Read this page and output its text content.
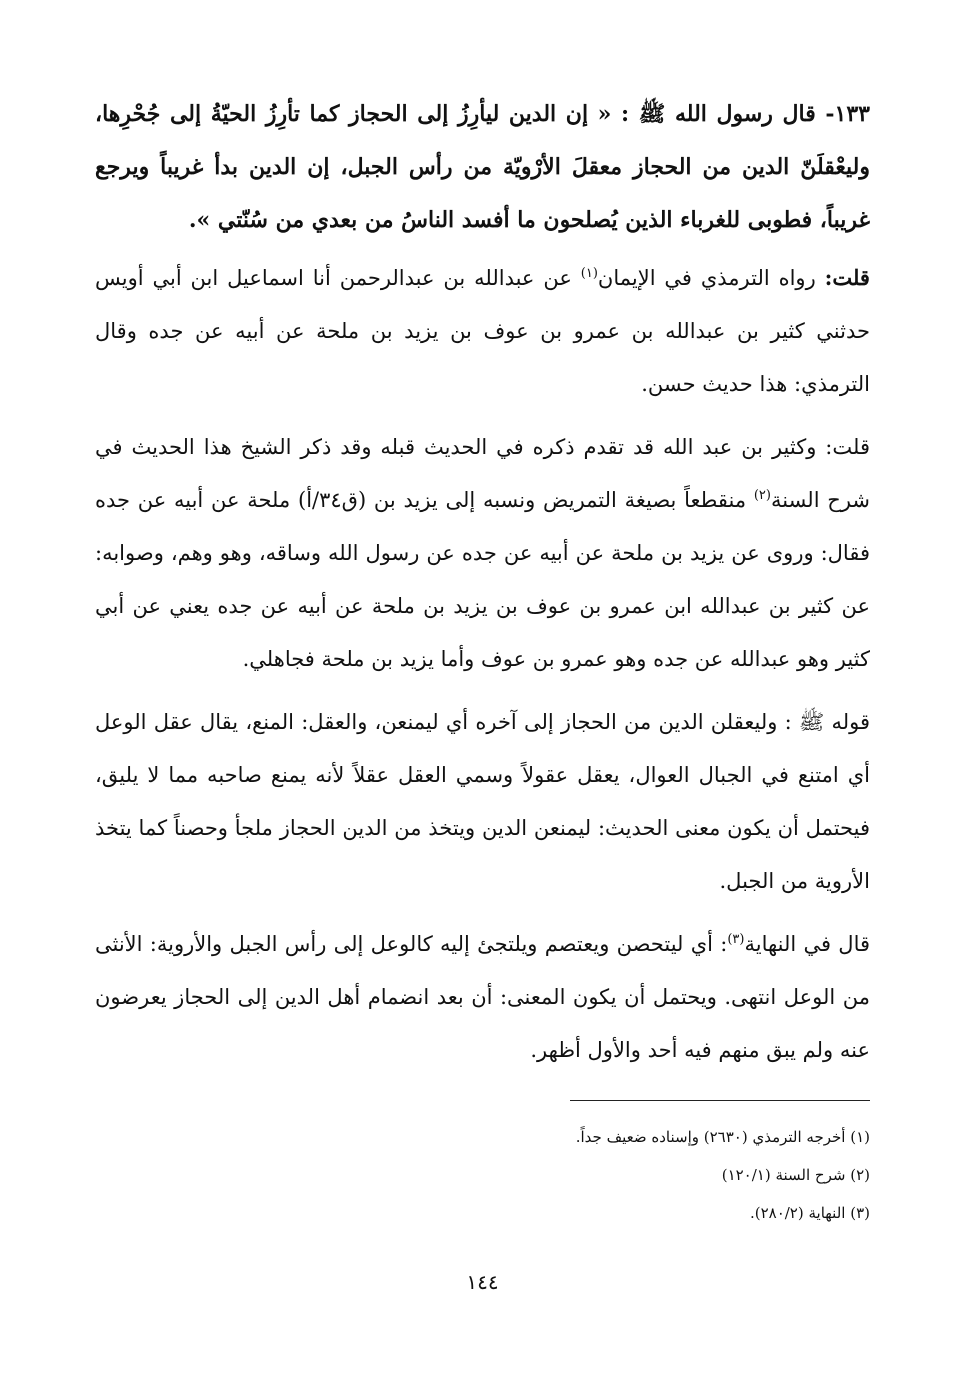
١٣٣- قال رسول الله ﷺ : « إن الدين ليأرِزُ إلى الحجاز كما تأرِزُ الحيّةُ إلى جُحْرِها، وليعْقلَنّ الدين من الحجاز معقلَ الأرْويّة من رأس الجبل، إن الدين بدأ غريباً ويرجع غريباً، فطوبى للغرباء الذين يُصلحون ما أفسد الناسُ من بعدي من سُنّتي ».

قلت: رواه الترمذي في الإيمان$^{(١)}$ عن عبدالله بن عبدالرحمن أنا اسماعيل ابن أبي أويس حدثني كثير بن عبدالله بن عمرو بن عوف بن يزيد بن ملحة عن أبيه عن جده وقال الترمذي: هذا حديث حسن.

قلت: وكثير بن عبد الله قد تقدم ذكره في الحديث قبله وقد ذكر الشيخ هذا الحديث في شرح السنة$^{(٢)}$ منقطعاً بصيغة التمريض ونسبه إلى يزيد بن (ق٣٤/أ) ملحة عن أبيه عن جده فقال: وروى عن يزيد بن ملحة عن أبيه عن جده عن رسول الله وساقه، وهو وهم، وصوابه: عن كثير بن عبدالله ابن عمرو بن عوف بن يزيد بن ملحة عن أبيه عن جده يعني عن أبي كثير وهو عبدالله عن جده وهو عمرو بن عوف وأما يزيد بن ملحة فجاهلي.

قوله ﷺ : وليعقلن الدين من الحجاز إلى آخره أي ليمنعن، والعقل: المنع، يقال عقل الوعل أي امتنع في الجبال العوال، يعقل عقولاً وسمي العقل عقلاً لأنه يمنع صاحبه مما لا يليق، فيحتمل أن يكون معنى الحديث: ليمنعن الدين ويتخذ من الدين الحجاز ملجأ وحصناً كما يتخذ الأروية من الجبل.

قال في النهاية$^{(٣)}$: أي ليتحصن ويعتصم ويلتجئ إليه كالوعل إلى رأس الجبل والأروية: الأنثى من الوعل انتهى. ويحتمل أن يكون المعنى: أن بعد انضمام أهل الدين إلى الحجاز يعرضون عنه ولم يبق منهم فيه أحد والأول أظهر.

(١) أخرجه الترمذي (٢٦٣٠) وإسناده ضعيف جداً.
(٢) شرح السنة (١٢٠/١)
(٣) النهاية (٢٨٠/٢).
١٤٤
